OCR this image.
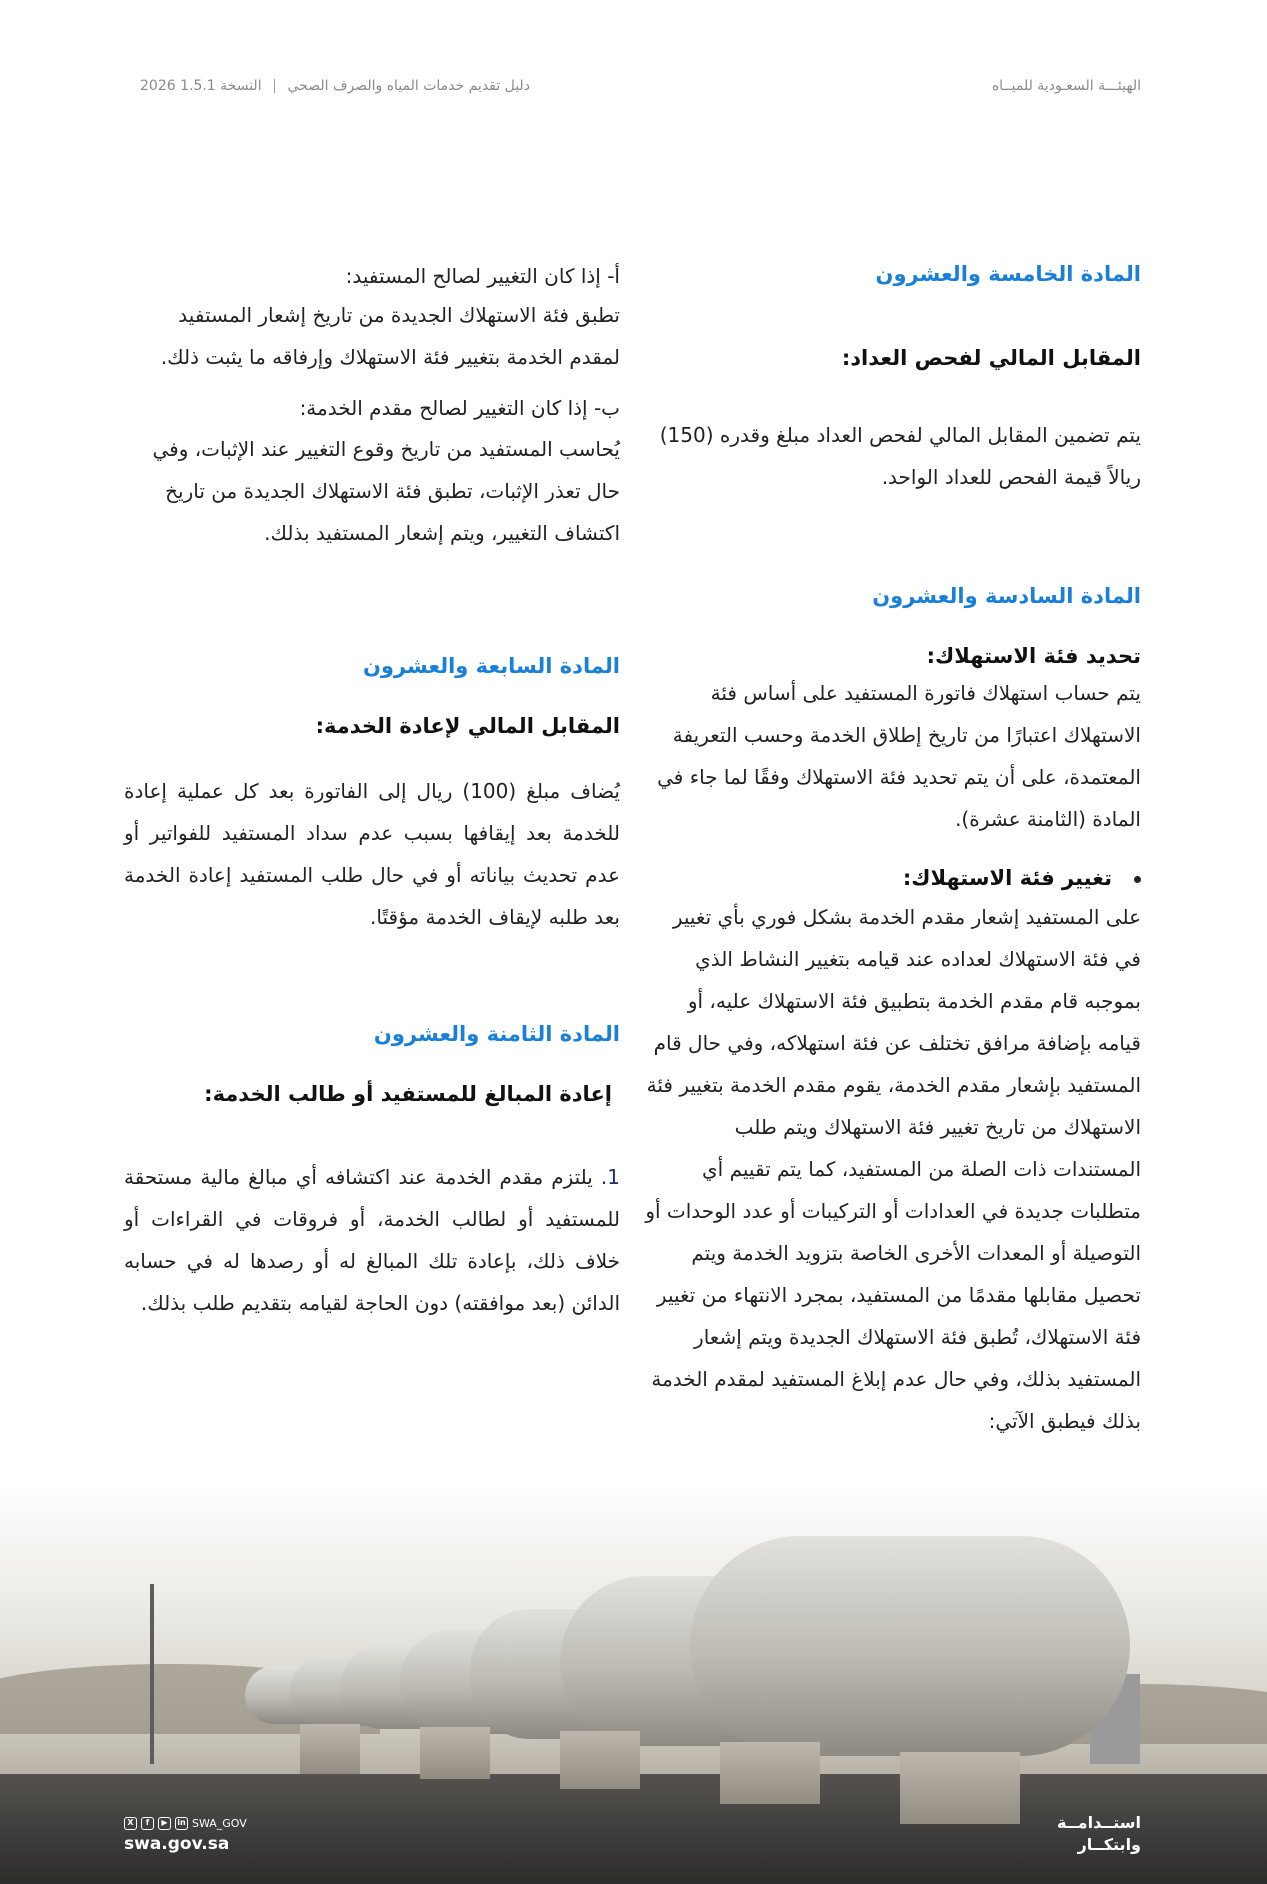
الهيئـــة السعـودية للميــاه
دليل تقديم خدمات المياه والصرف الصحي  النسخة 1.5.1 2026
المادة الخامسة والعشرون
المقابل المالي لفحص العداد:
يتم تضمين المقابل المالي لفحص العداد مبلغ وقدره (150) ريالاً قيمة الفحص للعداد الواحد.
المادة السادسة والعشرون
تحديد فئة الاستهلاك:
يتم حساب استهلاك فاتورة المستفيد على أساس فئة الاستهلاك اعتبارًا من تاريخ إطلاق الخدمة وحسب التعريفة المعتمدة، على أن يتم تحديد فئة الاستهلاك وفقًا لما جاء في المادة (الثامنة عشرة).
تغيير فئة الاستهلاك:
على المستفيد إشعار مقدم الخدمة بشكل فوري بأي تغيير في فئة الاستهلاك لعداده عند قيامه بتغيير النشاط الذي بموجبه قام مقدم الخدمة بتطبيق فئة الاستهلاك عليه، أو قيامه بإضافة مرافق تختلف عن فئة استهلاكه، وفي حال قام المستفيد بإشعار مقدم الخدمة، يقوم مقدم الخدمة بتغيير فئة الاستهلاك من تاريخ تغيير فئة الاستهلاك ويتم طلب المستندات ذات الصلة من المستفيد، كما يتم تقييم أي متطلبات جديدة في العدادات أو التركيبات أو عدد الوحدات أو التوصيلة أو المعدات الأخرى الخاصة بتزويد الخدمة ويتم تحصيل مقابلها مقدمًا من المستفيد، بمجرد الانتهاء من تغيير فئة الاستهلاك، تُطبق فئة الاستهلاك الجديدة ويتم إشعار المستفيد بذلك، وفي حال عدم إبلاغ المستفيد لمقدم الخدمة بذلك فيطبق الآتي:
أ- إذا كان التغيير لصالح المستفيد:
تطبق فئة الاستهلاك الجديدة من تاريخ إشعار المستفيد لمقدم الخدمة بتغيير فئة الاستهلاك وإرفاقه ما يثبت ذلك.
ب- إذا كان التغيير لصالح مقدم الخدمة:
يُحاسب المستفيد من تاريخ وقوع التغيير عند الإثبات، وفي حال تعذر الإثبات، تطبق فئة الاستهلاك الجديدة من تاريخ اكتشاف التغيير، ويتم إشعار المستفيد بذلك.
المادة السابعة والعشرون
المقابل المالي لإعادة الخدمة:
يُضاف مبلغ (100) ريال إلى الفاتورة بعد كل عملية إعادة للخدمة بعد إيقافها بسبب عدم سداد المستفيد للفواتير أو عدم تحديث بياناته أو في حال طلب المستفيد إعادة الخدمة بعد طلبه لإيقاف الخدمة مؤقتًا.
المادة الثامنة والعشرون
إعادة المبالغ للمستفيد أو طالب الخدمة:
1. يلتزم مقدم الخدمة عند اكتشافه أي مبالغ مالية مستحقة للمستفيد أو لطالب الخدمة، أو فروقات في القراءات أو خلاف ذلك، بإعادة تلك المبالغ له أو رصدها له في حسابه الدائن (بعد موافقته) دون الحاجة لقيامه بتقديم طلب بذلك.
X	f	▶	in SWA_GOV
swa.gov.sa
استــدامــة
وابتكــار
